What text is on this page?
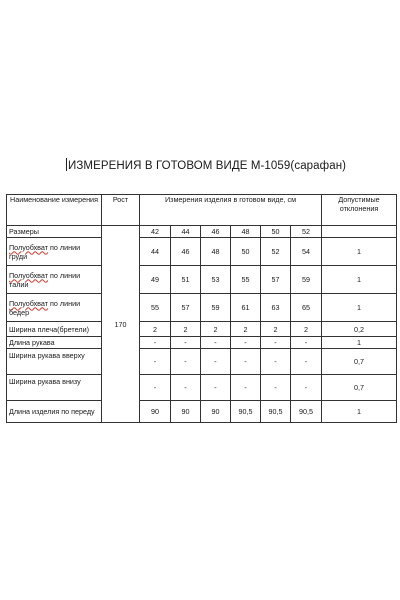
ИЗМЕРЕНИЯ В ГОТОВОМ ВИДЕ М-1059(сарафан)
Наименование измерения	Рост	Измерения изделия в готовом виде, см						Допустимые отклонения
Размеры	170	42	44	46	48	50	52	
Полуобхват по линии груди		44	46	48	50	52	54	1
Полуобхват по линии талии		49	51	53	55	57	59	1
Полуобхват по линии бедер		55	57	59	61	63	65	1
Ширина плеча(бретели)		2	2	2	2	2	2	0,2
Длина рукава		-	-	-	-	-	-	1
Ширина рукава вверху		-	-	-	-	-	-	0,7
Ширина рукава внизу		-	-	-	-	-	-	0,7
Длина изделия по переду		90	90	90	90,5	90,5	90,5	1
